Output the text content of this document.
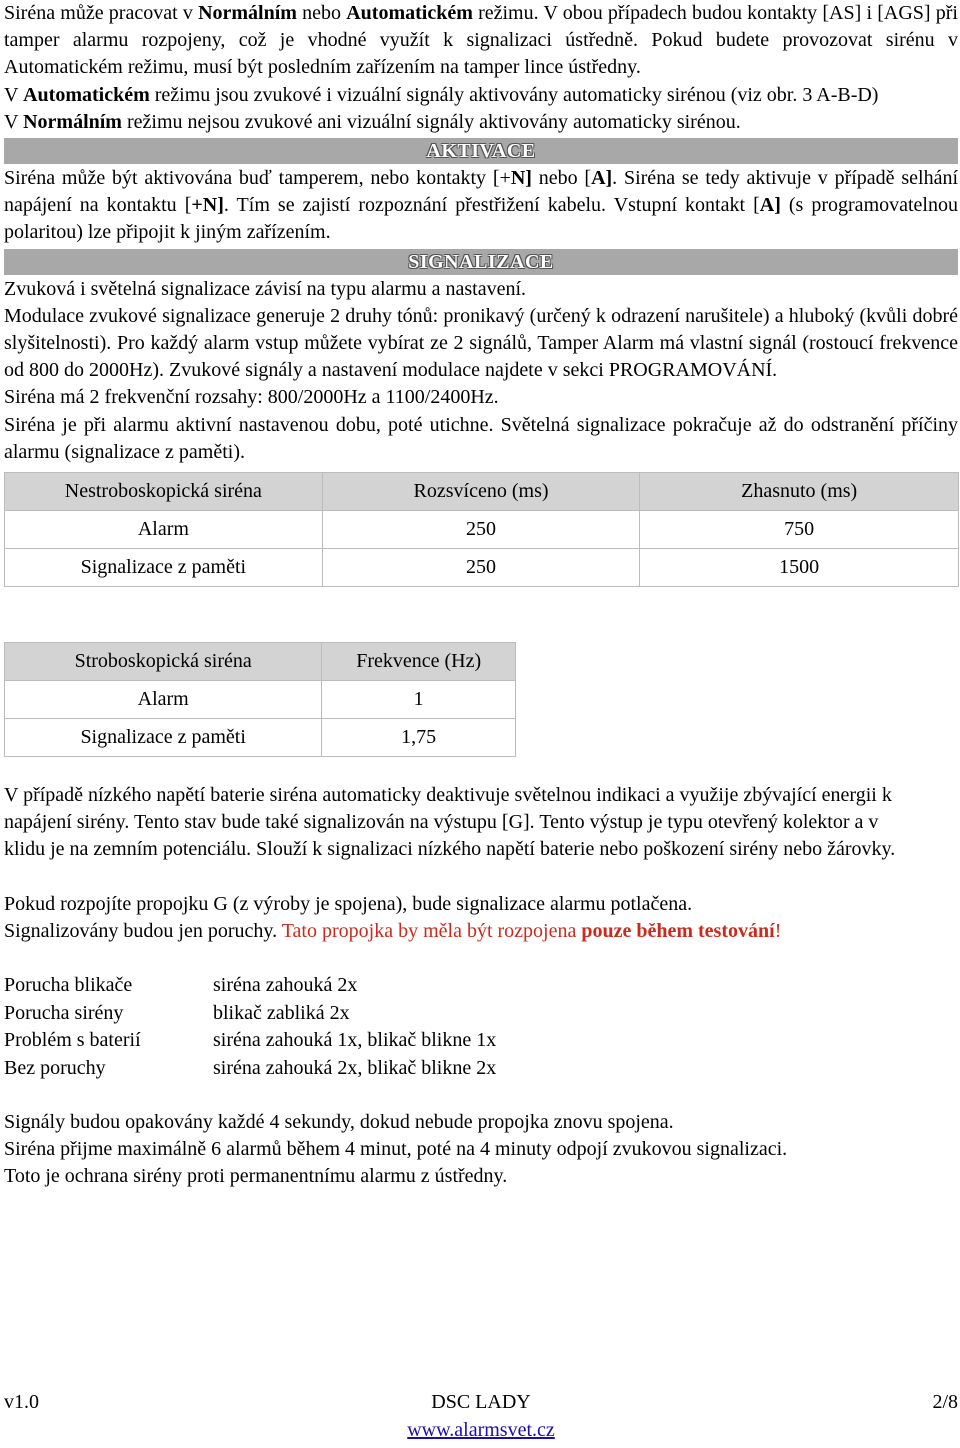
Siréna může pracovat v Normálním nebo Automatickém režimu. V obou případech budou kontakty [AS] i [AGS] při tamper alarmu rozpojeny, což je vhodné využít k signalizaci ústředně. Pokud budete provozovat sirénu v Automatickém režimu, musí být posledním zařízením na tamper lince ústředny.

V Automatickém režimu jsou zvukové i vizuální signály aktivovány automaticky sirénou (viz obr. 3 A-B-D)

V Normálním režimu nejsou zvukové ani vizuální signály aktivovány automaticky sirénou.

AKTIVACE

Siréna může být aktivována buď tamperem, nebo kontakty [+N] nebo [A]. Siréna se tedy aktivuje v případě selhání napájení na kontaktu [+N]. Tím se zajistí rozpoznání přestřižení kabelu. Vstupní kontakt [A] (s programovatelnou polaritou) lze připojit k jiným zařízením.

SIGNALIZACE

Zvuková i světelná signalizace závisí na typu alarmu a nastavení.

Modulace zvukové signalizace generuje 2 druhy tónů: pronikavý (určený k odrazení narušitele) a hluboký (kvůli dobré slyšitelnosti). Pro každý alarm vstup můžete vybírat ze 2 signálů, Tamper Alarm má vlastní signál (rostoucí frekvence od 800 do 2000Hz). Zvukové signály a nastavení modulace najdete v sekci PROGRAMOVÁNÍ.

Siréna má 2 frekvenční rozsahy: 800/2000Hz a 1100/2400Hz.

Siréna je při alarmu aktivní nastavenou dobu, poté utichne. Světelná signalizace pokračuje až do odstranění příčiny alarmu (signalizace z paměti).

Nestroboskopická siréna	Rozsvíceno (ms)	Zhasnuto (ms)
Alarm	250	750
Signalizace z paměti	250	1500
Stroboskopická siréna	Frekvence (Hz)
Alarm	1
Signalizace z paměti	1,75

V případě nízkého napětí baterie siréna automaticky deaktivuje světelnou indikaci a využije zbývající energii k napájení sirény. Tento stav bude také signalizován na výstupu [G]. Tento výstup je typu otevřený kolektor a v klidu je na zemním potenciálu. Slouží k signalizaci nízkého napětí baterie nebo poškození sirény nebo žárovky.

Pokud rozpojíte propojku G (z výroby je spojena), bude signalizace alarmu potlačena.

Signalizovány budou jen poruchy. Tato propojka by měla být rozpojena pouze během testování!

Porucha blikače	siréna zahouká 2x
Porucha sirény	blikač zabliká 2x
Problém s baterií	siréna zahouká 1x, blikač blikne 1x
Bez poruchy	siréna zahouká 2x, blikač blikne 2x

Signály budou opakovány každé 4 sekundy, dokud nebude propojka znovu spojena.

Siréna přijme maximálně 6 alarmů během 4 minut, poté na 4 minuty odpojí zvukovou signalizaci.

Toto je ochrana sirény proti permanentnímu alarmu z ústředny.

v1.0	DSC LADY	2/8
www.alarmsvet.cz
